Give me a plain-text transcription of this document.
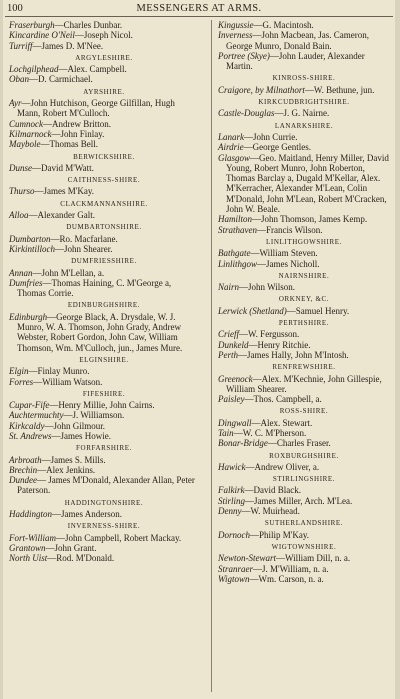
100	MESSENGERS AT ARMS.
Fraserburgh—Charles Dunbar.
Kincardine O'Neil—Joseph Nicol.
Turriff—James D. M'Nee.
ARGYLESHIRE.
Lochgilphead—Alex. Campbell.
Oban—D. Carmichael.
AYRSHIRE.
Ayr—John Hutchison, George Gilfillan, Hugh Mann, Robert M'Culloch.
Cumnock—Andrew Britton.
Kilmarnock—John Finlay.
Maybole—Thomas Bell.
BERWICKSHIRE.
Dunse—David M'Watt.
CAITHNESS-SHIRE.
Thurso—James M'Kay.
CLACKMANNANSHIRE.
Alloa—Alexander Galt.
DUMBARTONSHIRE.
Dumbarton—Ro. Macfarlane.
Kirkintilloch—John Shearer.
DUMFRIESSHIRE.
Annan—John M'Lellan, a.
Dumfries—Thomas Haining, C. M'George a, Thomas Corrie.
EDINBURGHSHIRE.
Edinburgh—George Black, A. Drysdale, W. J. Munro, W. A. Thomson, John Grady, Andrew Webster, Robert Gordon, John Caw, William Thomson, Wm. M'Culloch, jun., James Mure.
ELGINSHIRE.
Elgin—Finlay Munro.
Forres—William Watson.
FIFESHIRE.
Cupar-Fife—Henry Millie, John Cairns.
Auchtermuchty—J. Williamson.
Kirkcaldy—John Gilmour.
St. Andrews—James Howie.
FORFARSHIRE.
Arbroath—James S. Mills.
Brechin—Alex Jenkins.
Dundee— James M'Donald, Alexander Allan, Peter Paterson.
HADDINGTONSHIRE.
Haddington—James Anderson.
INVERNESS-SHIRE.
Fort-William—John Campbell, Robert Mackay.
Grantown—John Grant.
North Uist—Rod. M'Donald.
Kingussie—G. Macintosh.
Inverness—John Macbean, Jas. Cameron, George Munro, Donald Bain.
Portree (Skye)—John Lauder, Alexander Martin.
KINROSS-SHIRE.
Craigore, by Milnathort—W. Bethune, jun.
KIRKCUDBRIGHTSHIRE.
Castle-Douglas—J. G. Nairne.
LANARKSHIRE.
Lanark—John Currie.
Airdrie—George Gentles.
Glasgow—Geo. Maitland, Henry Miller, David Young, Robert Munro, John Roberton, Thomas Barclay a, Dugald M'Kellar, Alex. M'Kerracher, Alexander M'Lean, Colin M'Donald, John M'Lean, Robert M'Cracken, John W. Beale.
Hamilton—John Thomson, James Kemp.
Strathaven—Francis Wilson.
LINLITHGOWSHIRE.
Bathgate—William Steven.
Linlithgow—James Nicholl.
NAIRNSHIRE.
Nairn—John Wilson.
ORKNEY, &C.
Lerwick (Shetland)—Samuel Henry.
PERTHSHIRE.
Crieff—W. Fergusson.
Dunkeld—Henry Ritchie.
Perth—James Hally, John M'Intosh.
RENFREWSHIRE.
Greenock—Alex. M'Kechnie, John Gillespie, William Shearer.
Paisley—Thos. Campbell, a.
ROSS-SHIRE.
Dingwall—Alex. Stewart.
Tain—W. C. M'Pherson.
Bonar-Bridge—Charles Fraser.
ROXBURGHSHIRE.
Hawick—Andrew Oliver, a.
STIRLINGSHIRE.
Falkirk—David Black.
Stirling—James Miller, Arch. M'Lea.
Denny—W. Muirhead.
SUTHERLANDSHIRE.
Dornoch—Philip M'Kay.
WIGTOWNSHIRE.
Newton-Stewart—William Dill, n. a.
Stranraer—J. M'William, n. a.
Wigtown—Wm. Carson, n. a.
